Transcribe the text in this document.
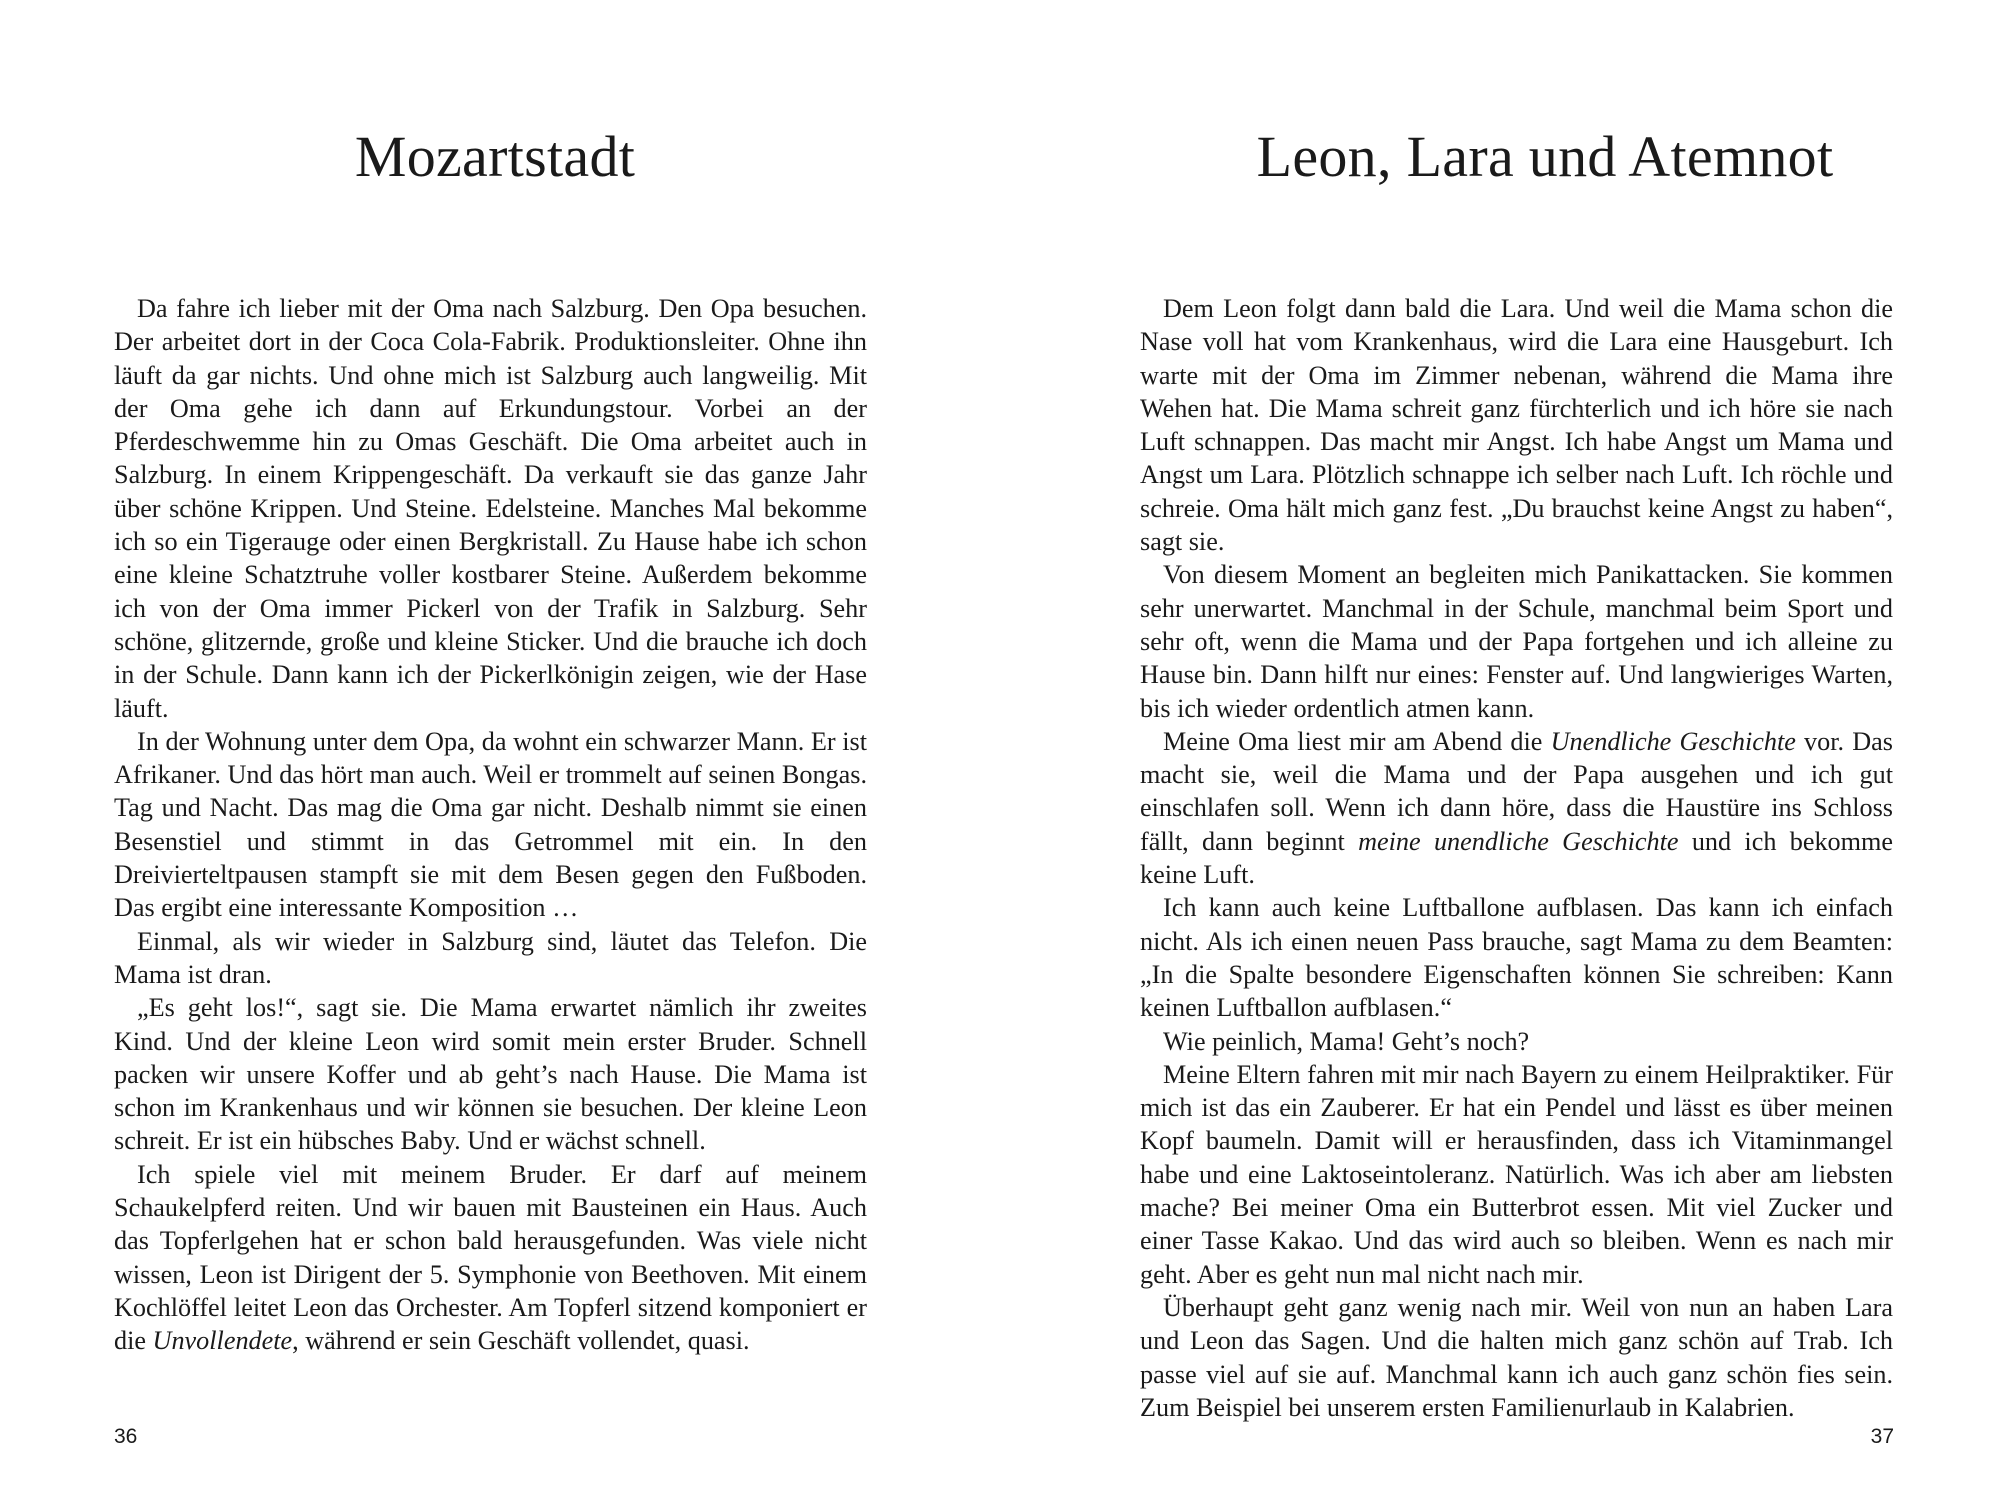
Mozartstadt

Da fahre ich lieber mit der Oma nach Salzburg. Den Opa besuchen. Der arbeitet dort in der Coca Cola-Fabrik. Produktionsleiter. Ohne ihn läuft da gar nichts. Und ohne mich ist Salzburg auch langweilig. Mit der Oma gehe ich dann auf Erkundungstour. Vorbei an der Pferdeschwemme hin zu Omas Geschäft. Die Oma arbeitet auch in Salzburg. In einem Krippengeschäft. Da verkauft sie das ganze Jahr über schöne Krippen. Und Steine. Edelsteine. Manches Mal bekomme ich so ein Tigerauge oder einen Bergkristall. Zu Hause habe ich schon eine kleine Schatztruhe voller kostbarer Steine. Außerdem bekomme ich von der Oma immer Pickerl von der Trafik in Salzburg. Sehr schöne, glitzernde, große und kleine Sticker. Und die brauche ich doch in der Schule. Dann kann ich der Pickerlkönigin zeigen, wie der Hase läuft.

In der Wohnung unter dem Opa, da wohnt ein schwarzer Mann. Er ist Afrikaner. Und das hört man auch. Weil er trommelt auf seinen Bongas. Tag und Nacht. Das mag die Oma gar nicht. Deshalb nimmt sie einen Besenstiel und stimmt in das Getrommel mit ein. In den Dreivierteltpausen stampft sie mit dem Besen gegen den Fußboden. Das ergibt eine interessante Komposition …

Einmal, als wir wieder in Salzburg sind, läutet das Telefon. Die Mama ist dran.

„Es geht los!“, sagt sie. Die Mama erwartet nämlich ihr zweites Kind. Und der kleine Leon wird somit mein erster Bruder. Schnell packen wir unsere Koffer und ab geht’s nach Hause. Die Mama ist schon im Krankenhaus und wir können sie besuchen. Der kleine Leon schreit. Er ist ein hübsches Baby. Und er wächst schnell.

Ich spiele viel mit meinem Bruder. Er darf auf meinem Schaukelpferd reiten. Und wir bauen mit Bausteinen ein Haus. Auch das Topferlgehen hat er schon bald herausgefunden. Was viele nicht wissen, Leon ist Dirigent der 5. Symphonie von Beethoven. Mit einem Kochlöffel leitet Leon das Orchester. Am Topferl sitzend komponiert er die Unvollendete, während er sein Geschäft vollendet, quasi.

36
Leon, Lara und Atemnot

Dem Leon folgt dann bald die Lara. Und weil die Mama schon die Nase voll hat vom Krankenhaus, wird die Lara eine Hausgeburt. Ich warte mit der Oma im Zimmer nebenan, während die Mama ihre Wehen hat. Die Mama schreit ganz fürchterlich und ich höre sie nach Luft schnappen. Das macht mir Angst. Ich habe Angst um Mama und Angst um Lara. Plötzlich schnappe ich selber nach Luft. Ich röchle und schreie. Oma hält mich ganz fest. „Du brauchst keine Angst zu haben“, sagt sie.

Von diesem Moment an begleiten mich Panikattacken. Sie kommen sehr unerwartet. Manchmal in der Schule, manchmal beim Sport und sehr oft, wenn die Mama und der Papa fortgehen und ich alleine zu Hause bin. Dann hilft nur eines: Fenster auf. Und langwieriges Warten, bis ich wieder ordentlich atmen kann.

Meine Oma liest mir am Abend die Unendliche Geschichte vor. Das macht sie, weil die Mama und der Papa ausgehen und ich gut einschlafen soll. Wenn ich dann höre, dass die Haustüre ins Schloss fällt, dann beginnt meine unendliche Geschichte und ich bekomme keine Luft.

Ich kann auch keine Luftballone aufblasen. Das kann ich einfach nicht. Als ich einen neuen Pass brauche, sagt Mama zu dem Beamten: „In die Spalte besondere Eigenschaften können Sie schreiben: Kann keinen Luftballon aufblasen.“

Wie peinlich, Mama! Geht’s noch?

Meine Eltern fahren mit mir nach Bayern zu einem Heilpraktiker. Für mich ist das ein Zauberer. Er hat ein Pendel und lässt es über meinen Kopf baumeln. Damit will er herausfinden, dass ich Vitaminmangel habe und eine Laktoseintoleranz. Natürlich. Was ich aber am liebsten mache? Bei meiner Oma ein Butterbrot essen. Mit viel Zucker und einer Tasse Kakao. Und das wird auch so bleiben. Wenn es nach mir geht. Aber es geht nun mal nicht nach mir.

Überhaupt geht ganz wenig nach mir. Weil von nun an haben Lara und Leon das Sagen. Und die halten mich ganz schön auf Trab. Ich passe viel auf sie auf. Manchmal kann ich auch ganz schön fies sein. Zum Beispiel bei unserem ersten Familienurlaub in Kalabrien.

37
